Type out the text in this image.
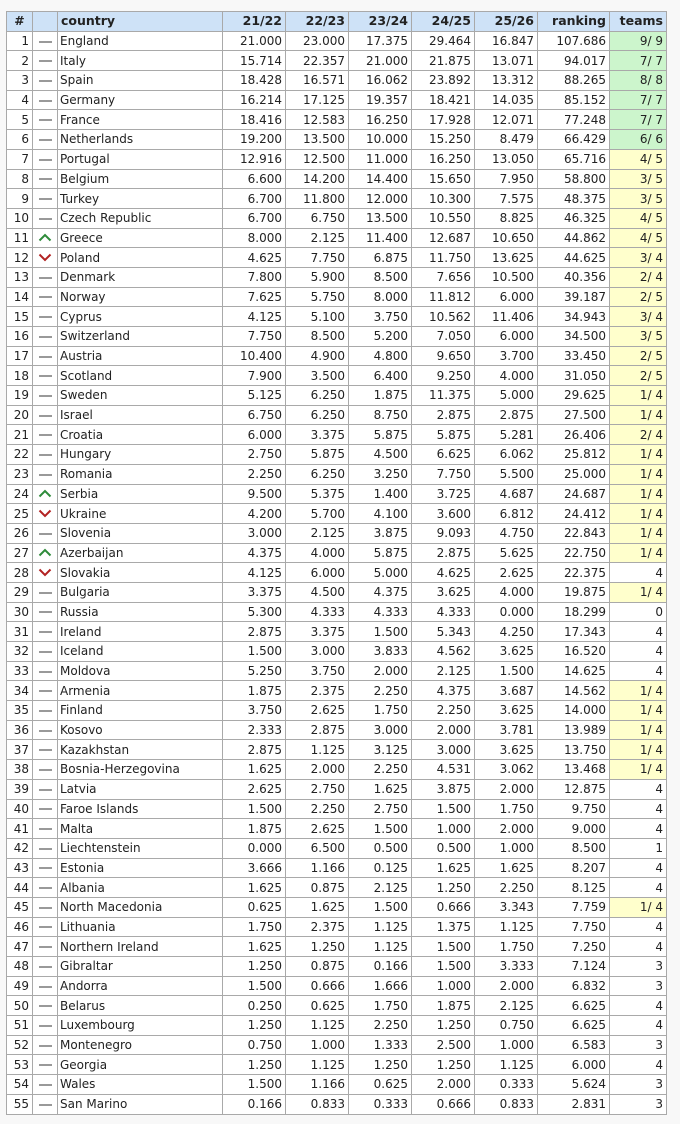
#		country	21/22	22/23	23/24	24/25	25/26	ranking	teams
1		England	21.000	23.000	17.375	29.464	16.847	107.686	9/ 9
2		Italy	15.714	22.357	21.000	21.875	13.071	94.017	7/ 7
3		Spain	18.428	16.571	16.062	23.892	13.312	88.265	8/ 8
4		Germany	16.214	17.125	19.357	18.421	14.035	85.152	7/ 7
5		France	18.416	12.583	16.250	17.928	12.071	77.248	7/ 7
6		Netherlands	19.200	13.500	10.000	15.250	8.479	66.429	6/ 6
7		Portugal	12.916	12.500	11.000	16.250	13.050	65.716	4/ 5
8		Belgium	6.600	14.200	14.400	15.650	7.950	58.800	3/ 5
9		Turkey	6.700	11.800	12.000	10.300	7.575	48.375	3/ 5
10		Czech Republic	6.700	6.750	13.500	10.550	8.825	46.325	4/ 5
11		Greece	8.000	2.125	11.400	12.687	10.650	44.862	4/ 5
12		Poland	4.625	7.750	6.875	11.750	13.625	44.625	3/ 4
13		Denmark	7.800	5.900	8.500	7.656	10.500	40.356	2/ 4
14		Norway	7.625	5.750	8.000	11.812	6.000	39.187	2/ 5
15		Cyprus	4.125	5.100	3.750	10.562	11.406	34.943	3/ 4
16		Switzerland	7.750	8.500	5.200	7.050	6.000	34.500	3/ 5
17		Austria	10.400	4.900	4.800	9.650	3.700	33.450	2/ 5
18		Scotland	7.900	3.500	6.400	9.250	4.000	31.050	2/ 5
19		Sweden	5.125	6.250	1.875	11.375	5.000	29.625	1/ 4
20		Israel	6.750	6.250	8.750	2.875	2.875	27.500	1/ 4
21		Croatia	6.000	3.375	5.875	5.875	5.281	26.406	2/ 4
22		Hungary	2.750	5.875	4.500	6.625	6.062	25.812	1/ 4
23		Romania	2.250	6.250	3.250	7.750	5.500	25.000	1/ 4
24		Serbia	9.500	5.375	1.400	3.725	4.687	24.687	1/ 4
25		Ukraine	4.200	5.700	4.100	3.600	6.812	24.412	1/ 4
26		Slovenia	3.000	2.125	3.875	9.093	4.750	22.843	1/ 4
27		Azerbaijan	4.375	4.000	5.875	2.875	5.625	22.750	1/ 4
28		Slovakia	4.125	6.000	5.000	4.625	2.625	22.375	4
29		Bulgaria	3.375	4.500	4.375	3.625	4.000	19.875	1/ 4
30		Russia	5.300	4.333	4.333	4.333	0.000	18.299	0
31		Ireland	2.875	3.375	1.500	5.343	4.250	17.343	4
32		Iceland	1.500	3.000	3.833	4.562	3.625	16.520	4
33		Moldova	5.250	3.750	2.000	2.125	1.500	14.625	4
34		Armenia	1.875	2.375	2.250	4.375	3.687	14.562	1/ 4
35		Finland	3.750	2.625	1.750	2.250	3.625	14.000	1/ 4
36		Kosovo	2.333	2.875	3.000	2.000	3.781	13.989	1/ 4
37		Kazakhstan	2.875	1.125	3.125	3.000	3.625	13.750	1/ 4
38		Bosnia-Herzegovina	1.625	2.000	2.250	4.531	3.062	13.468	1/ 4
39		Latvia	2.625	2.750	1.625	3.875	2.000	12.875	4
40		Faroe Islands	1.500	2.250	2.750	1.500	1.750	9.750	4
41		Malta	1.875	2.625	1.500	1.000	2.000	9.000	4
42		Liechtenstein	0.000	6.500	0.500	0.500	1.000	8.500	1
43		Estonia	3.666	1.166	0.125	1.625	1.625	8.207	4
44		Albania	1.625	0.875	2.125	1.250	2.250	8.125	4
45		North Macedonia	0.625	1.625	1.500	0.666	3.343	7.759	1/ 4
46		Lithuania	1.750	2.375	1.125	1.375	1.125	7.750	4
47		Northern Ireland	1.625	1.250	1.125	1.500	1.750	7.250	4
48		Gibraltar	1.250	0.875	0.166	1.500	3.333	7.124	3
49		Andorra	1.500	0.666	1.666	1.000	2.000	6.832	3
50		Belarus	0.250	0.625	1.750	1.875	2.125	6.625	4
51		Luxembourg	1.250	1.125	2.250	1.250	0.750	6.625	4
52		Montenegro	0.750	1.000	1.333	2.500	1.000	6.583	3
53		Georgia	1.250	1.125	1.250	1.250	1.125	6.000	4
54		Wales	1.500	1.166	0.625	2.000	0.333	5.624	3
55		San Marino	0.166	0.833	0.333	0.666	0.833	2.831	3
